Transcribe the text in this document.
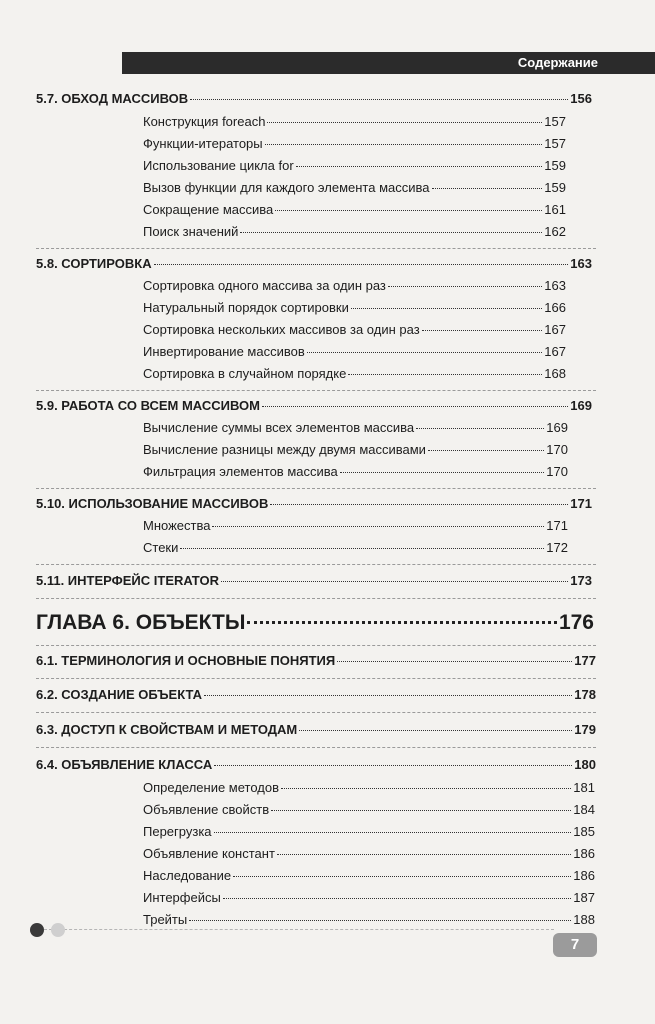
Содержание
5.7. ОБХОД МАССИВОВ	156
Конструкция foreach	157
Функции-итераторы	157
Использование цикла for	159
Вызов функции для каждого элемента массива	159
Сокращение массива	161
Поиск значений	162
5.8. СОРТИРОВКА	163
Сортировка одного массива за один раз	163
Натуральный порядок сортировки	166
Сортировка нескольких массивов за один раз	167
Инвертирование массивов	167
Сортировка в случайном порядке	168
5.9. РАБОТА СО ВСЕМ МАССИВОМ	169
Вычисление суммы всех элементов массива	169
Вычисление разницы между двумя массивами	170
Фильтрация элементов массива	170
5.10. ИСПОЛЬЗОВАНИЕ МАССИВОВ	171
Множества	171
Стеки	172
5.11. ИНТЕРФЕЙС ITERATOR	173
ГЛАВА 6. ОБЪЕКТЫ	176
6.1. ТЕРМИНОЛОГИЯ И ОСНОВНЫЕ ПОНЯТИЯ	177
6.2. СОЗДАНИЕ ОБЪЕКТА	178
6.3. ДОСТУП К СВОЙСТВАМ И МЕТОДАМ	179
6.4. ОБЪЯВЛЕНИЕ КЛАССА	180
Определение методов	181
Объявление свойств	184
Перегрузка	185
Объявление констант	186
Наследование	186
Интерфейсы	187
Трейты	188
7
